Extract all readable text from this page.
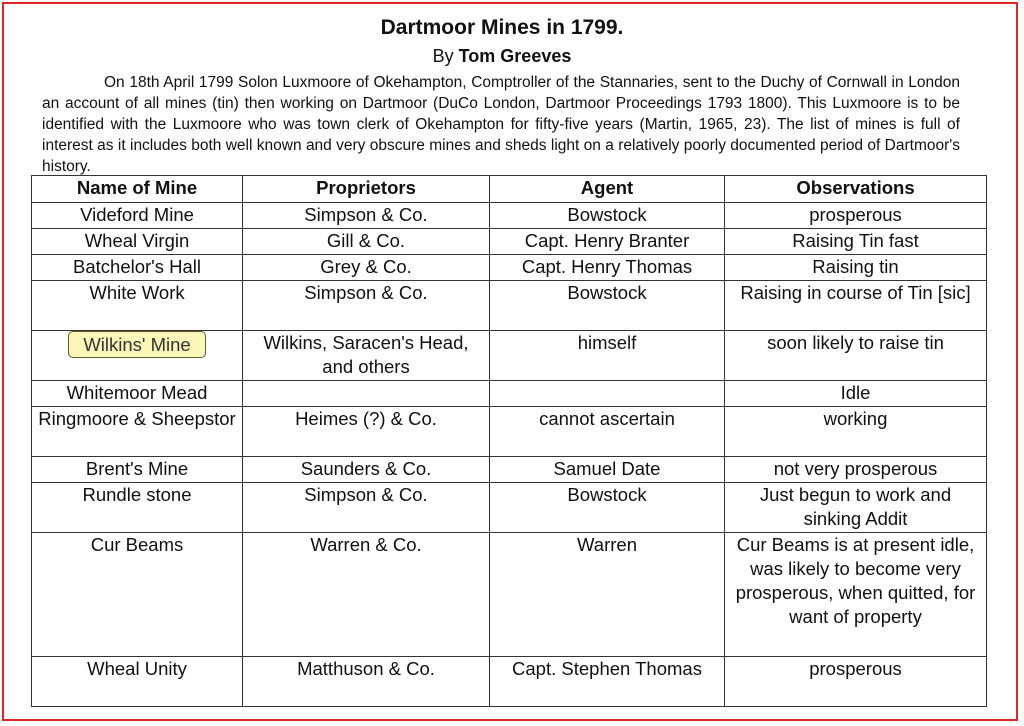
Dartmoor Mines in 1799.
By Tom Greeves
On 18th April 1799 Solon Luxmoore of Okehampton, Comptroller of the Stannaries, sent to the Duchy of Cornwall in London an account of all mines (tin) then working on Dartmoor (DuCo London, Dartmoor Proceedings 1793 1800). This Luxmoore is to be identified with the Luxmoore who was town clerk of Okehampton for fifty-five years (Martin, 1965, 23). The list of mines is full of interest as it includes both well known and very obscure mines and sheds light on a relatively poorly documented period of Dartmoor's history.
Name of Mine	Proprietors	Agent	Observations
Videford Mine	Simpson & Co.	Bowstock	prosperous
Wheal Virgin	Gill & Co.	Capt. Henry Branter	Raising Tin fast
Batchelor's Hall	Grey & Co.	Capt. Henry Thomas	Raising tin
White Work	Simpson & Co.	Bowstock	Raising in course of Tin [sic]
Wilkins' Mine	Wilkins, Saracen's Head, and others	himself	soon likely to raise tin
Whitemoor Mead			Idle
Ringmoore & Sheepstor	Heimes (?) & Co.	cannot ascertain	working
Brent's Mine	Saunders & Co.	Samuel Date	not very prosperous
Rundle stone	Simpson & Co.	Bowstock	Just begun to work and sinking Addit
Cur Beams	Warren & Co.	Warren	Cur Beams is at present idle, was likely to become very prosperous, when quitted, for want of property
Wheal Unity	Matthuson & Co.	Capt. Stephen Thomas	prosperous
